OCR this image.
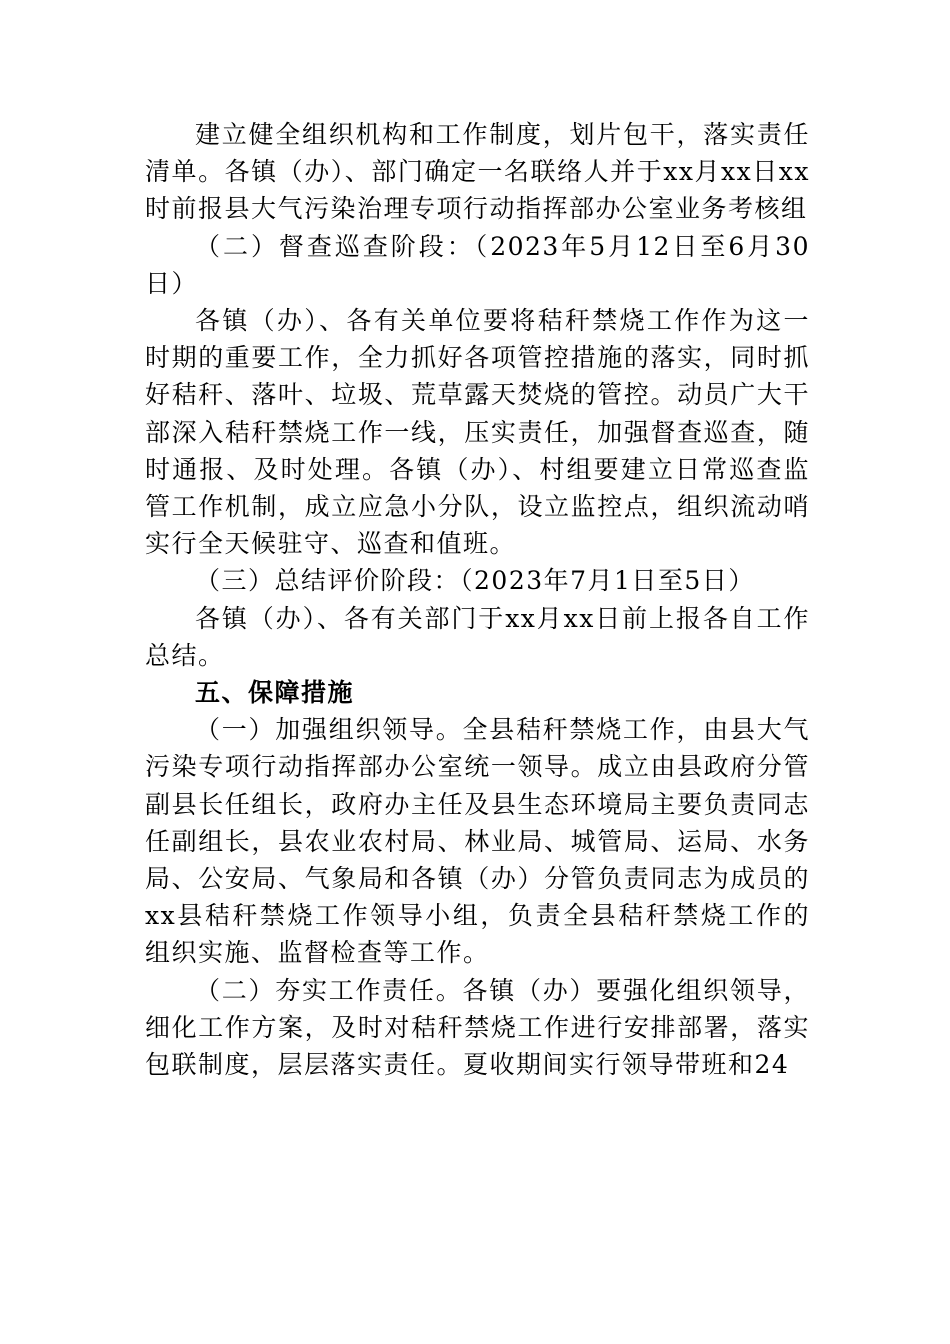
建立健全组织机构和工作制度，划片包干，落实责任清单。各镇（办）、部门确定一名联络人并于xx月xx日xx时前报县大气污染治理专项行动指挥部办公室业务考核组

（二）督查巡查阶段：（2023年5月12日至6月30日）

各镇（办）、各有关单位要将秸秆禁烧工作作为这一时期的重要工作，全力抓好各项管控措施的落实，同时抓好秸秆、落叶、垃圾、荒草露天焚烧的管控。动员广大干部深入秸秆禁烧工作一线，压实责任，加强督查巡查，随时通报、及时处理。各镇（办）、村组要建立日常巡查监管工作机制，成立应急小分队，设立监控点，组织流动哨实行全天候驻守、巡查和值班。

（三）总结评价阶段：（2023年7月1日至5日）

各镇（办）、各有关部门于xx月xx日前上报各自工作总结。

五、保障措施

（一）加强组织领导。全县秸秆禁烧工作，由县大气污染专项行动指挥部办公室统一领导。成立由县政府分管副县长任组长，政府办主任及县生态环境局主要负责同志任副组长，县农业农村局、林业局、城管局、运局、水务局、公安局、气象局和各镇（办）分管负责同志为成员的xx县秸秆禁烧工作领导小组，负责全县秸秆禁烧工作的组织实施、监督检查等工作。

（二）夯实工作责任。各镇（办）要强化组织领导，细化工作方案，及时对秸秆禁烧工作进行安排部署，落实包联制度，层层落实责任。夏收期间实行领导带班和24
